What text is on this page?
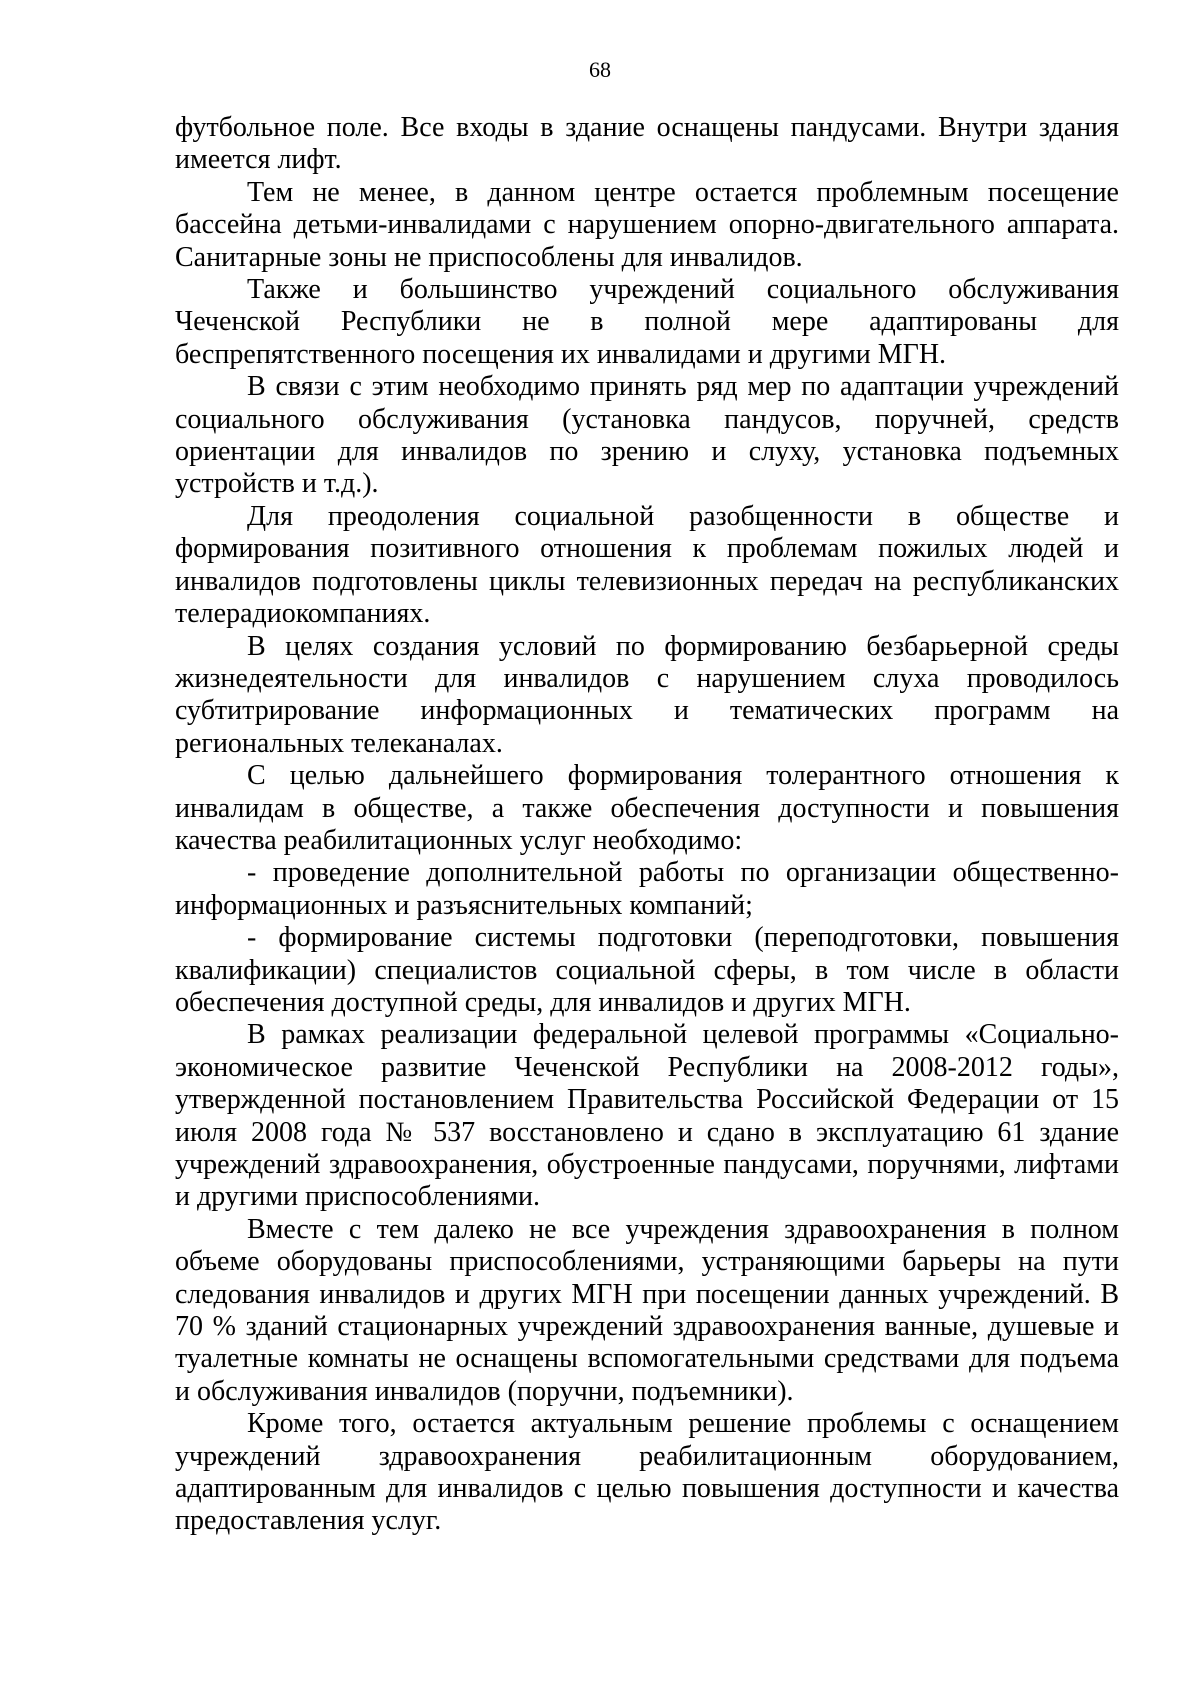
68

футбольное поле. Все входы в здание оснащены пандусами. Внутри здания имеется лифт.

Тем не менее, в данном центре остается проблемным посещение бассейна детьми-инвалидами с нарушением опорно-двигательного аппарата. Санитарные зоны не приспособлены для инвалидов.

Также и большинство учреждений социального обслуживания Чеченской Республики не в полной мере адаптированы для беспрепятственного посещения их инвалидами и другими МГН.

В связи с этим необходимо принять ряд мер по адаптации учреждений социального обслуживания (установка пандусов, поручней, средств ориентации для инвалидов по зрению и слуху, установка подъемных устройств и т.д.).

Для преодоления социальной разобщенности в обществе и формирования позитивного отношения к проблемам пожилых людей и инвалидов подготовлены циклы телевизионных передач на республиканских телерадиокомпаниях.

В целях создания условий по формированию безбарьерной среды жизнедеятельности для инвалидов с нарушением слуха проводилось субтитрирование информационных и тематических программ на региональных телеканалах.

С целью дальнейшего формирования толерантного отношения к инвалидам в обществе, а также обеспечения доступности и повышения качества реабилитационных услуг необходимо:

- проведение дополнительной работы по организации общественно-информационных и разъяснительных компаний;

- формирование системы подготовки (переподготовки, повышения квалификации) специалистов социальной сферы, в том числе в области обеспечения доступной среды, для инвалидов и других МГН.

В рамках реализации федеральной целевой программы «Социально-экономическое развитие Чеченской Республики на 2008-2012 годы», утвержденной постановлением Правительства Российской Федерации от 15 июля 2008 года № 537 восстановлено и сдано в эксплуатацию 61 здание учреждений здравоохранения, обустроенные пандусами, поручнями, лифтами и другими приспособлениями.

Вместе с тем далеко не все учреждения здравоохранения в полном объеме оборудованы приспособлениями, устраняющими барьеры на пути следования инвалидов и других МГН при посещении данных учреждений. В 70 % зданий стационарных учреждений здравоохранения ванные, душевые и туалетные комнаты не оснащены вспомогательными средствами для подъема и обслуживания инвалидов (поручни, подъемники).

Кроме того, остается актуальным решение проблемы с оснащением учреждений здравоохранения реабилитационным оборудованием, адаптированным для инвалидов с целью повышения доступности и качества предоставления услуг.
